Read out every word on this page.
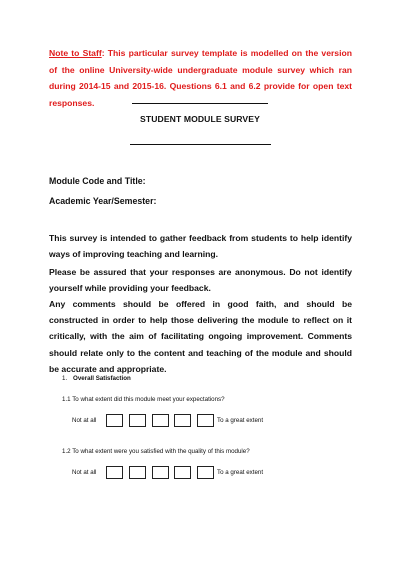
Note to Staff: This particular survey template is modelled on the version of the online University-wide undergraduate module survey which ran during 2014-15 and 2015-16. Questions 6.1 and 6.2 provide for open text responses.

STUDENT MODULE SURVEY
Module Code and Title:
Academic Year/Semester:

This survey is intended to gather feedback from students to help identify ways of improving teaching and learning.

Please be assured that your responses are anonymous. Do not identify yourself while providing your feedback.

Any comments should be offered in good faith, and should be constructed in order to help those delivering the module to reflect on it critically, with the aim of facilitating ongoing improvement. Comments should relate only to the content and teaching of the module and should be accurate and appropriate.

1. Overall Satisfaction
1.1 To what extent did this module meet your expectations?
Not at all	To a great extent
1.2 To what extent were you satisfied with the quality of this module?
Not at all	To a great extent
